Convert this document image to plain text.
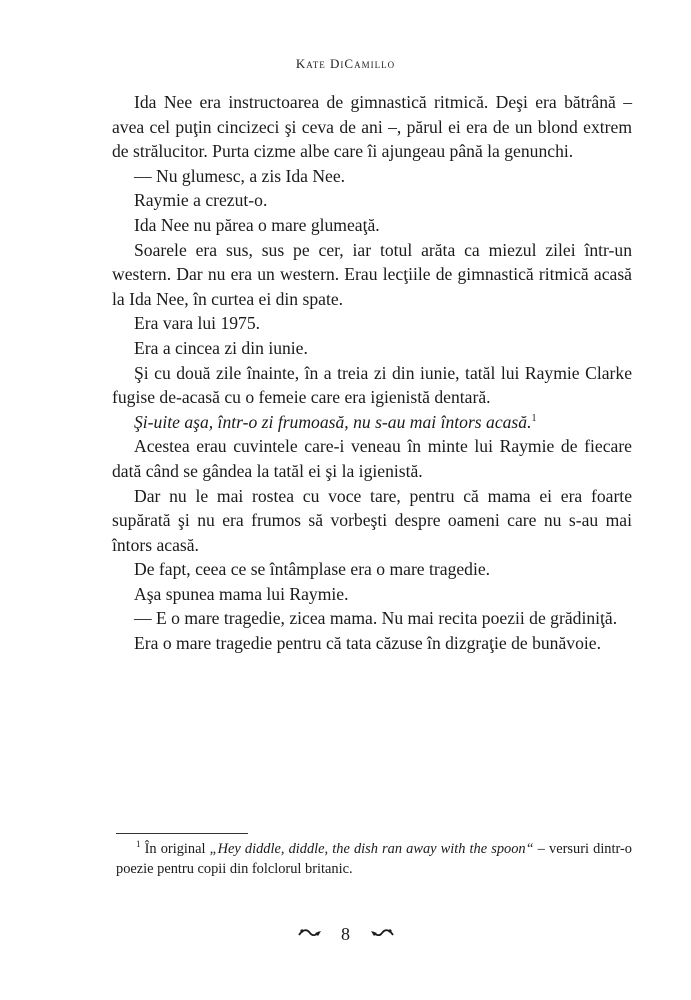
Kate DiCamillo

Ida Nee era instructoarea de gimnastică ritmică. Deşi era bătrână – avea cel puţin cincizeci şi ceva de ani –, părul ei era de un blond extrem de strălucitor. Purta cizme albe care îi ajungeau până la genunchi.

— Nu glumesc, a zis Ida Nee.

Raymie a crezut-o.

Ida Nee nu părea o mare glumeaţă.

Soarele era sus, sus pe cer, iar totul arăta ca miezul zilei într-un western. Dar nu era un western. Erau lecţiile de gimnastică ritmică acasă la Ida Nee, în curtea ei din spate.

Era vara lui 1975.

Era a cincea zi din iunie.

Şi cu două zile înainte, în a treia zi din iunie, tatăl lui Raymie Clarke fugise de-acasă cu o femeie care era igienistă dentară.

Şi-uite aşa, într-o zi frumoasă, nu s-au mai întors acasă.$^1$

Acestea erau cuvintele care-i veneau în minte lui Raymie de fiecare dată când se gândea la tatăl ei şi la igienistă.

Dar nu le mai rostea cu voce tare, pentru că mama ei era foarte supărată şi nu era frumos să vorbeşti despre oameni care nu s-au mai întors acasă.

De fapt, ceea ce se întâmplase era o mare tragedie.

Aşa spunea mama lui Raymie.

— E o mare tragedie, zicea mama. Nu mai recita poezii de grădiniţă.

Era o mare tragedie pentru că tata căzuse în dizgraţie de bunăvoie.

$^1$ În original „Hey diddle, diddle, the dish ran away with the spoon“ – versuri dintr-o poezie pentru copii din folclorul britanic.
8
